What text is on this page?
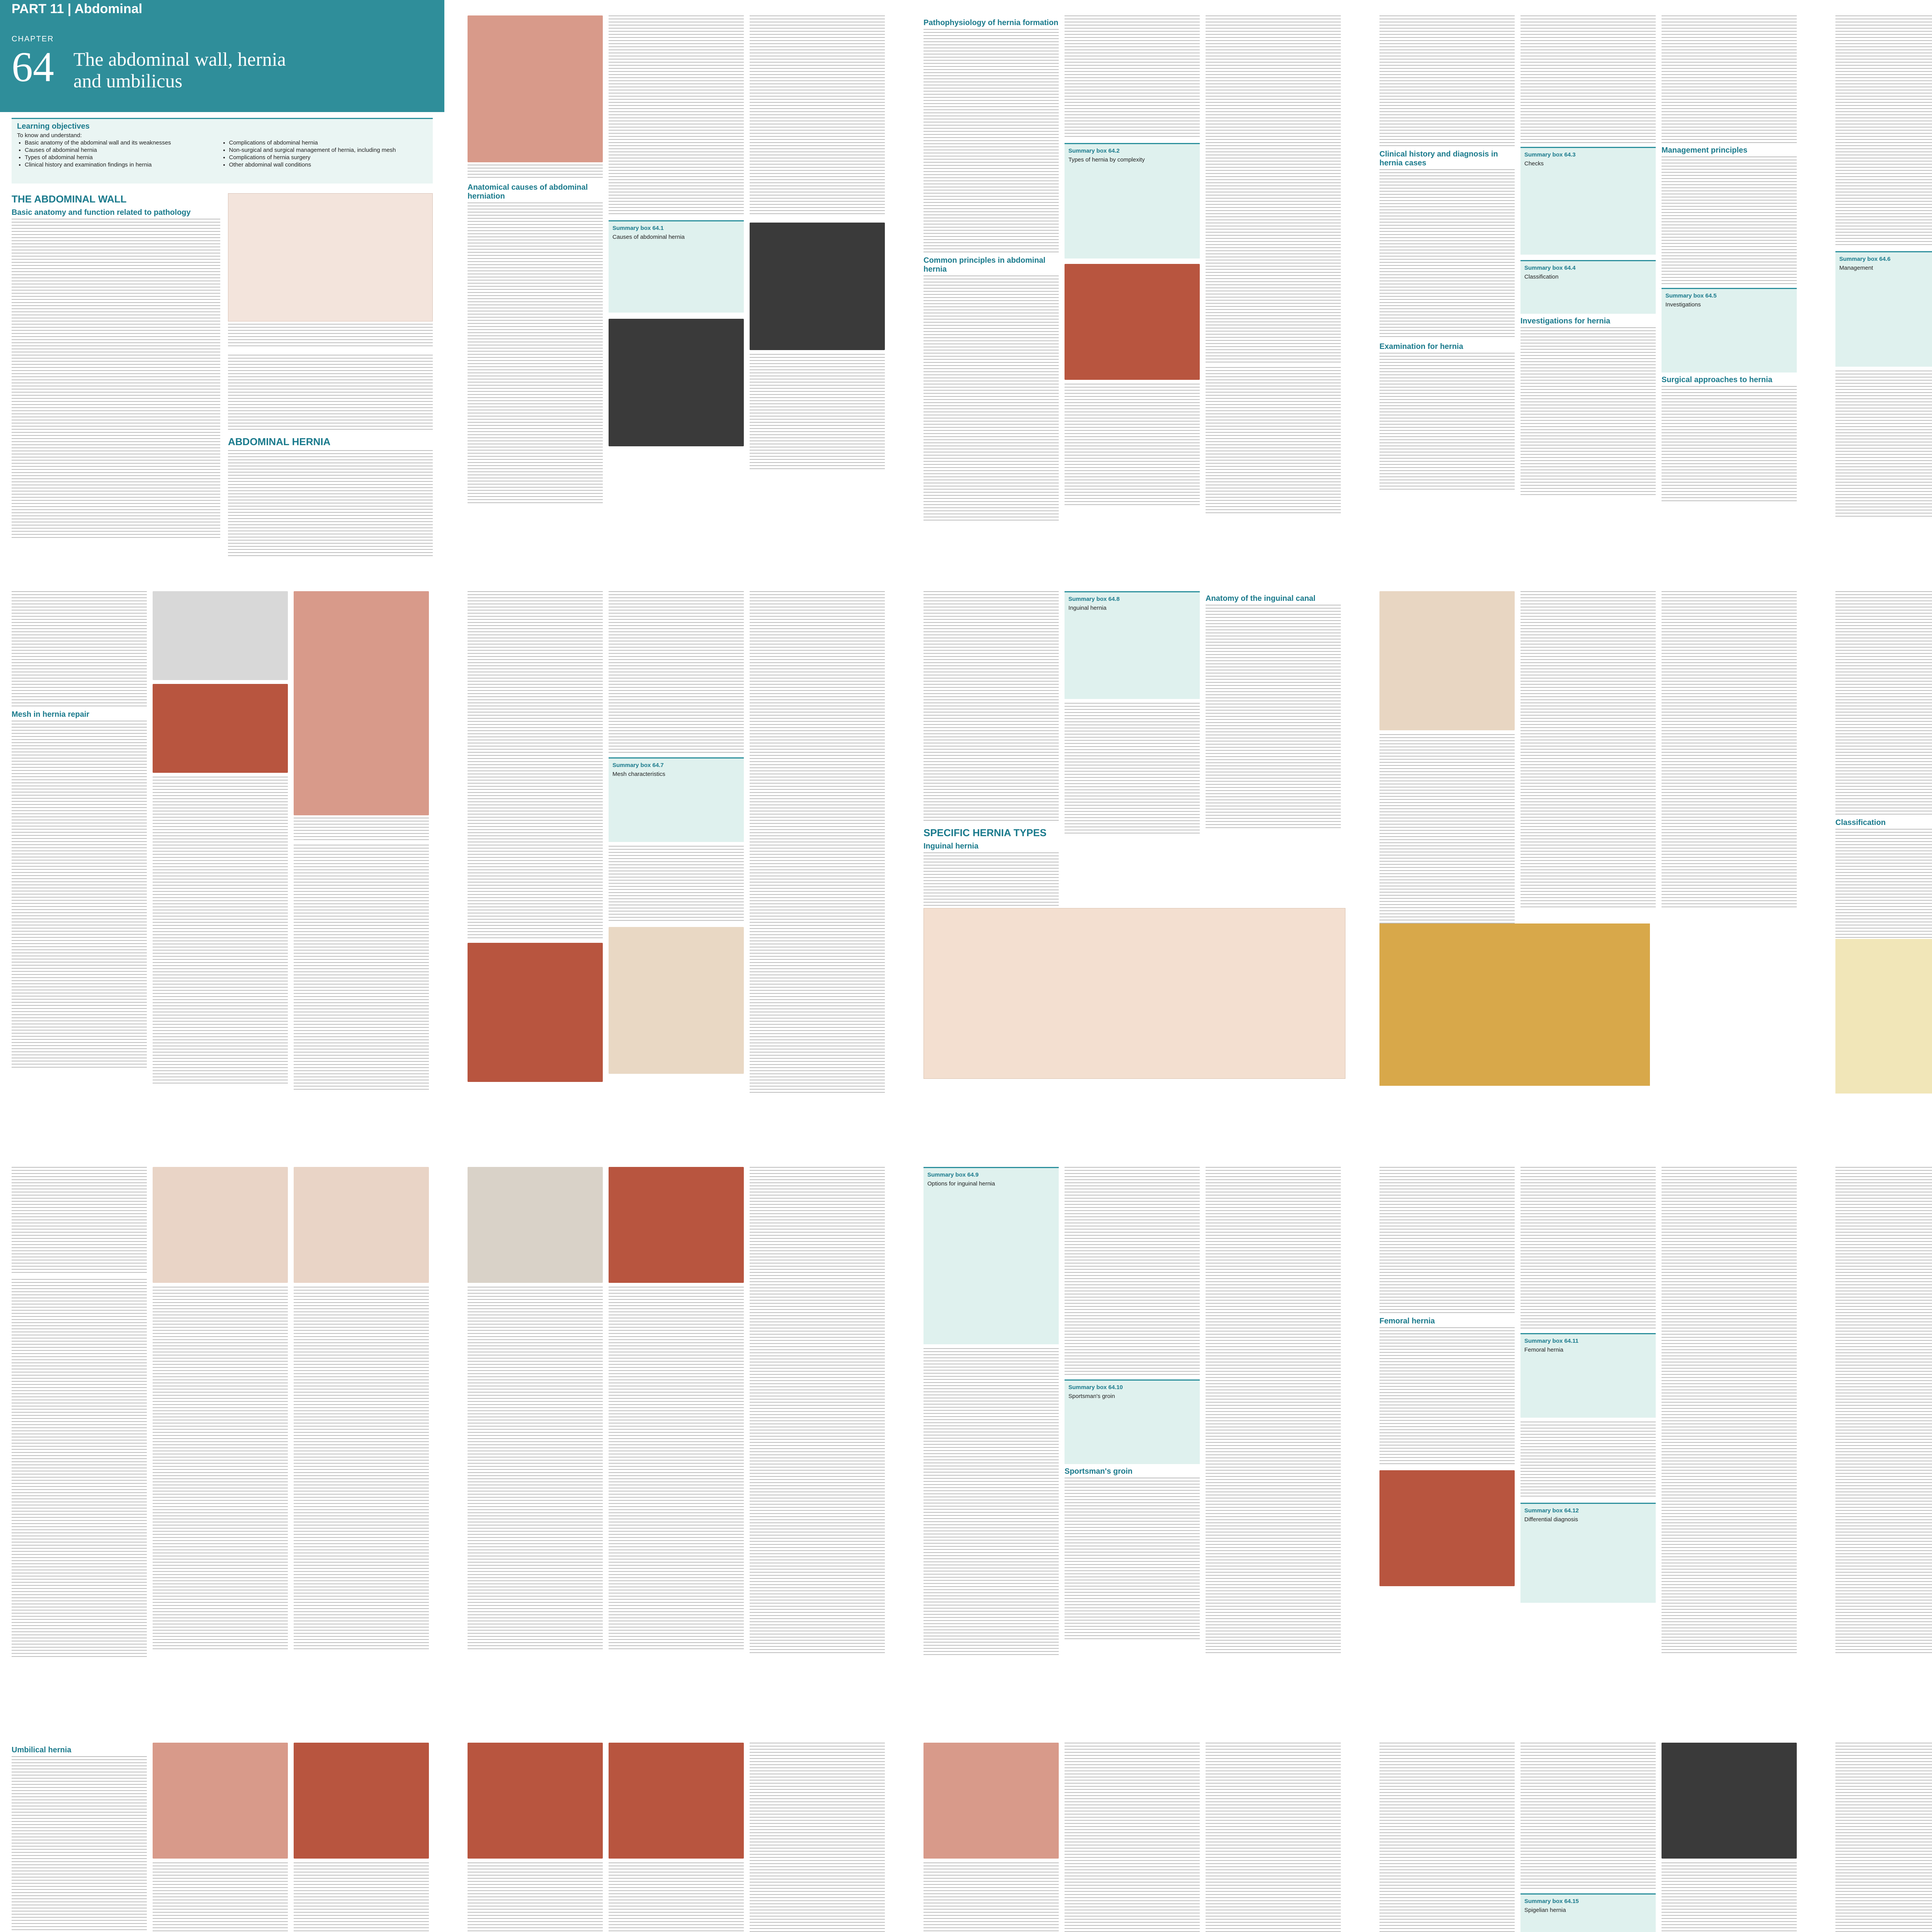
PART 11 | Abdominal
CHAPTER
64 The abdominal wall, hernia and umbilicus
Learning objectives
To know and understand:
• Basic anatomy of the abdominal wall and its weaknesses
• Causes of abdominal hernia
• Types of abdominal hernia
• Clinical history and examination findings in hernia
• Complications of abdominal hernia
• Non-surgical and surgical management of hernia, including mesh
• Complications of hernia surgery
• Other abdominal wall conditions
THE ABDOMINAL WALL
Basic anatomy and function related to pathology
ABDOMINAL HERNIA
Anatomical causes of abdominal herniation
Summary box 64.1
Causes of abdominal hernia
Pathophysiology of hernia formation
Common principles in abdominal hernia
Summary box 64.2
Types of hernia by complexity
Clinical history and diagnosis in hernia cases
Examination for hernia
Summary box 64.3
Checks
Summary box 64.4
Classification
Investigations for hernia
Management principles
Summary box 64.5
Investigations
Surgical approaches to hernia
Summary box 64.6
Management
Mesh in hernia repair
Summary box 64.7
Mesh characteristics
SPECIFIC HERNIA TYPES
Inguinal hernia
Summary box 64.8
Inguinal hernia
Anatomy of the inguinal canal
Classification
Summary box 64.9
Options for inguinal hernia
Summary box 64.10
Sportsman's groin
Sportsman's groin
Femoral hernia
Summary box 64.11
Femoral hernia
Summary box 64.12
Differential diagnosis
Umbilical hernia
Summary box 64.15
Spigelian hernia
